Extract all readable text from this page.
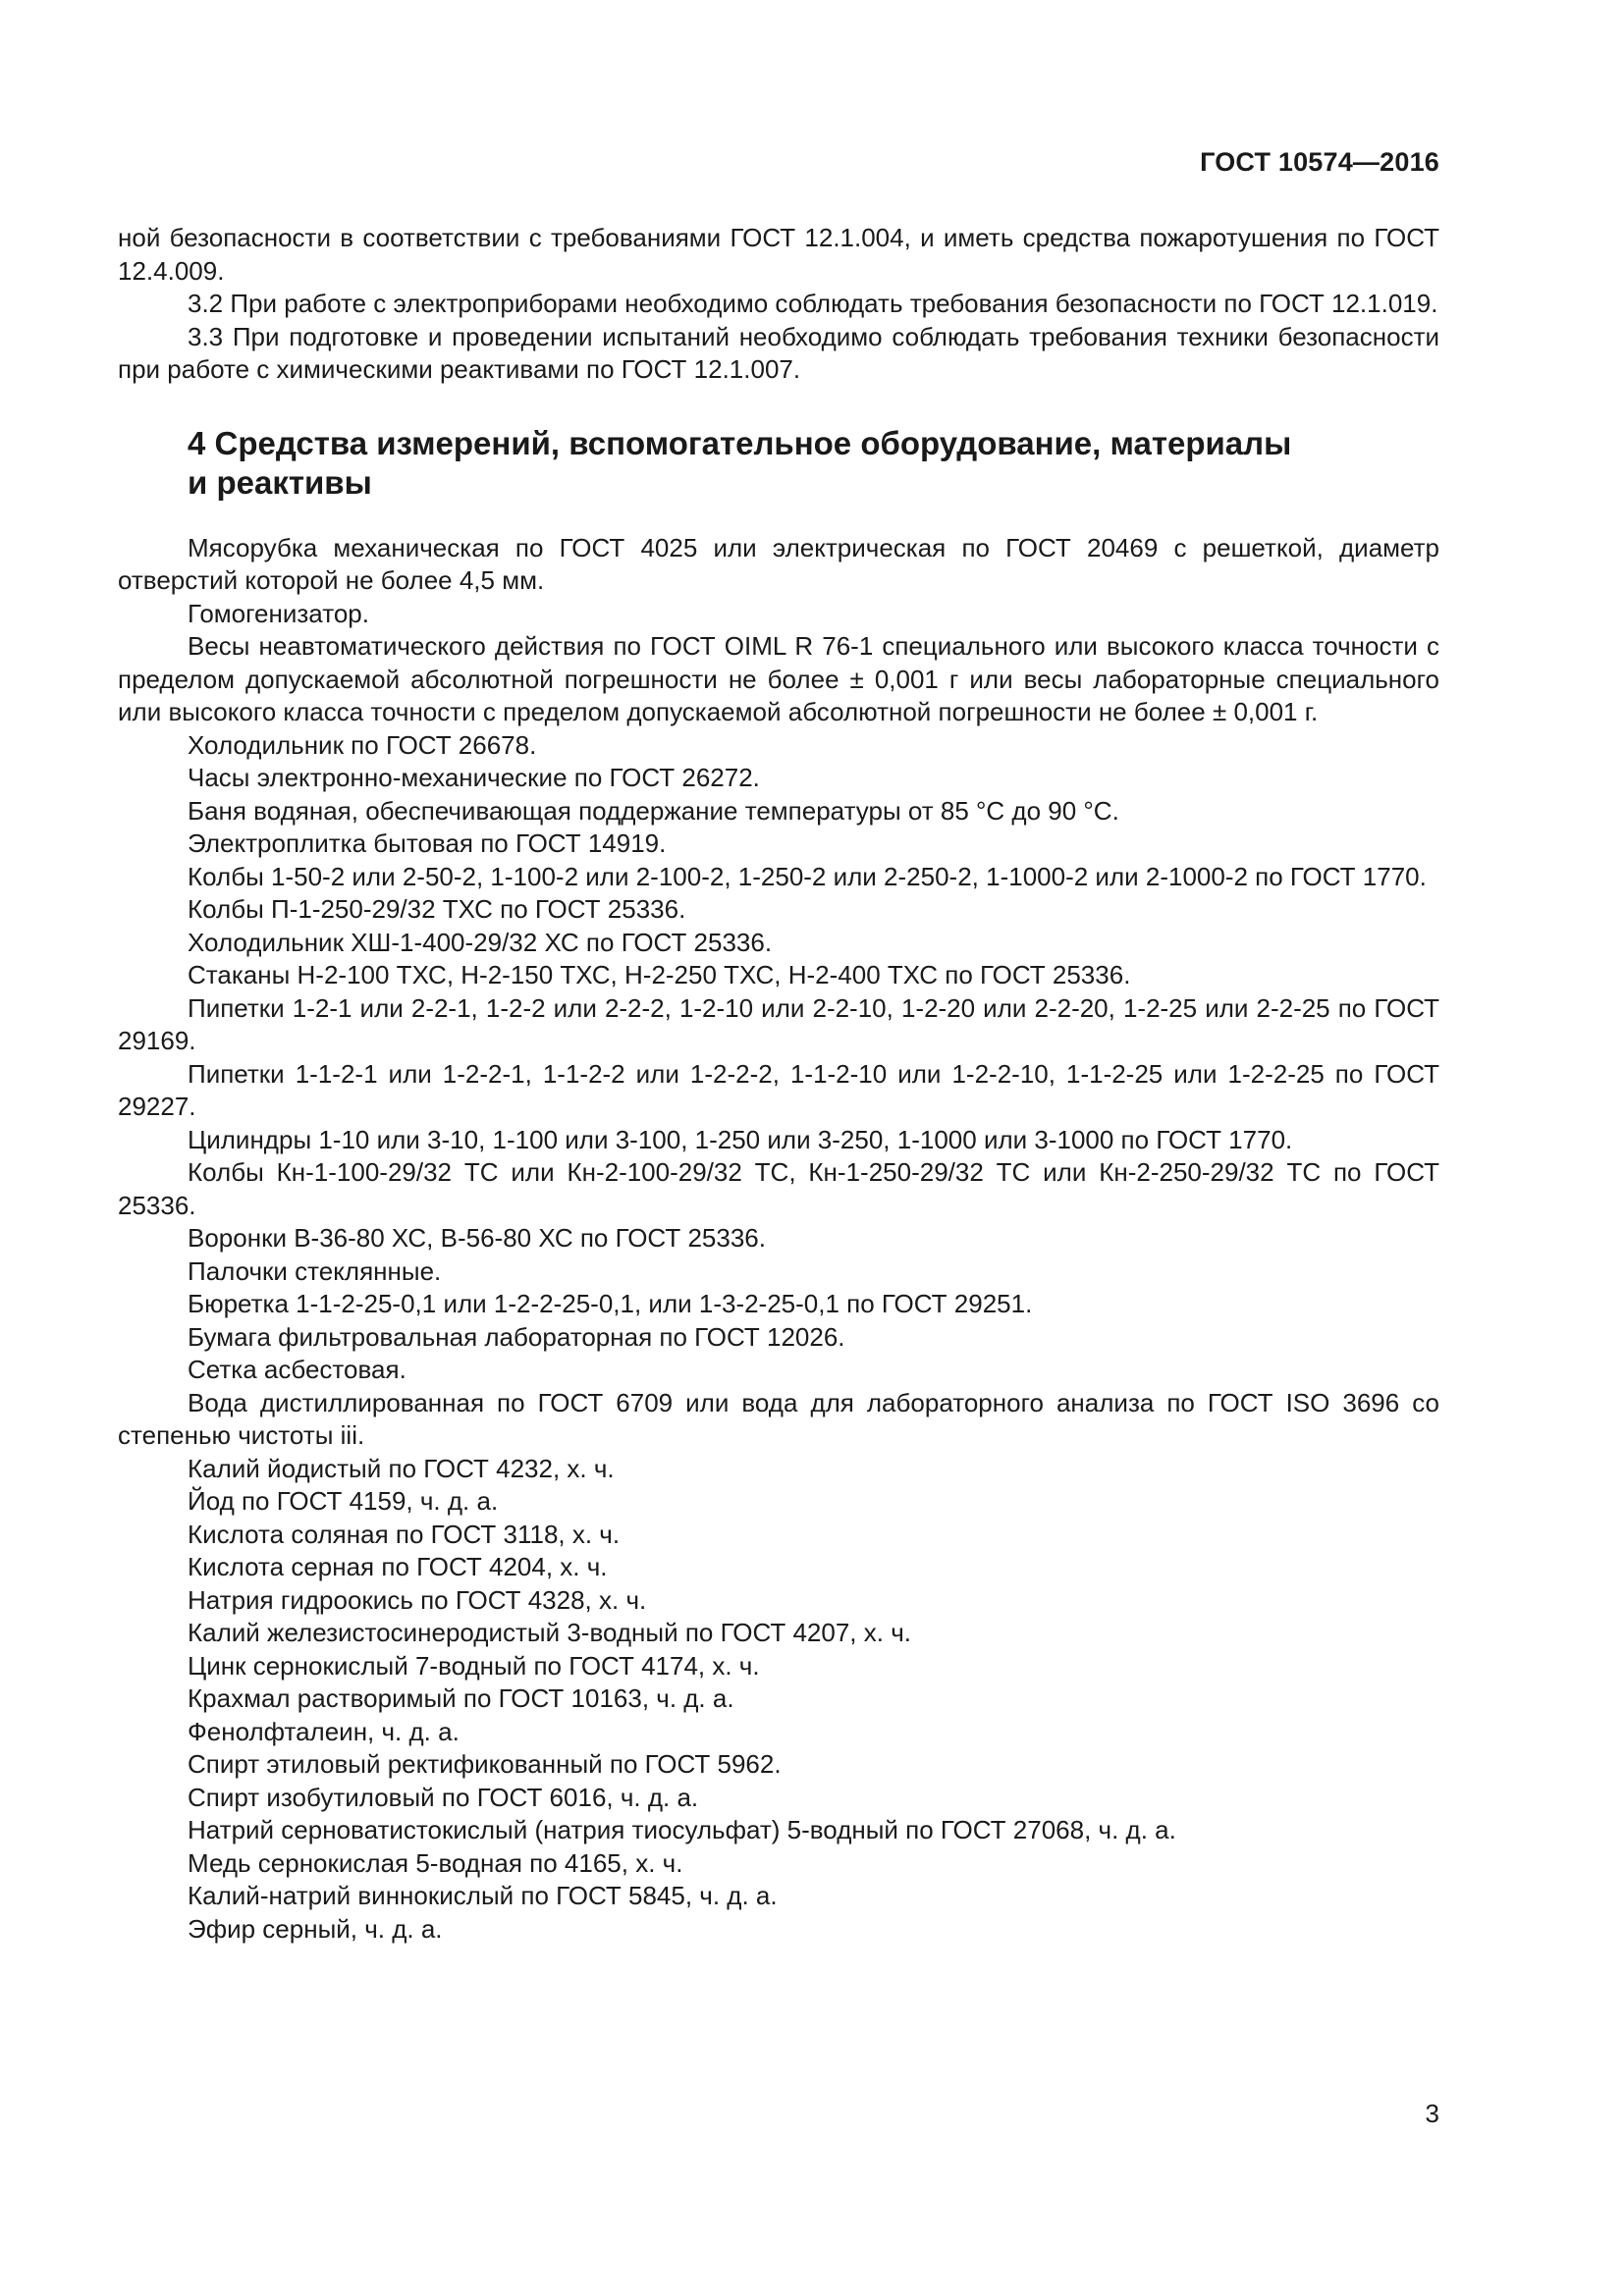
ГОСТ 10574—2016

ной безопасности в соответствии с требованиями ГОСТ 12.1.004, и иметь средства пожаротушения по ГОСТ 12.4.009.

3.2 При работе с электроприборами необходимо соблюдать требования безопасности по ГОСТ 12.1.019.

3.3 При подготовке и проведении испытаний необходимо соблюдать требования техники безопасности при работе с химическими реактивами по ГОСТ 12.1.007.

4 Средства измерений, вспомогательное оборудование, материалы
и реактивы

Мясорубка механическая по ГОСТ 4025 или электрическая по ГОСТ 20469 с решеткой, диаметр отверстий которой не более 4,5 мм.

Гомогенизатор.

Весы неавтоматического действия по ГОСТ OIML R 76-1 специального или высокого класса точности с пределом допускаемой абсолютной погрешности не более ± 0,001 г или весы лабораторные специального или высокого класса точности с пределом допускаемой абсолютной погрешности не более ± 0,001 г.

Холодильник по ГОСТ 26678.

Часы электронно-механические по ГОСТ 26272.

Баня водяная, обеспечивающая поддержание температуры от 85 °С до 90 °С.

Электроплитка бытовая по ГОСТ 14919.

Колбы 1-50-2 или 2-50-2, 1-100-2 или 2-100-2, 1-250-2 или 2-250-2, 1-1000-2 или 2-1000-2 по ГОСТ 1770.

Колбы П-1-250-29/32 ТХС по ГОСТ 25336.

Холодильник ХШ-1-400-29/32 ХС по ГОСТ 25336.

Стаканы Н-2-100 ТХС, Н-2-150 ТХС, Н-2-250 ТХС, Н-2-400 ТХС по ГОСТ 25336.

Пипетки 1-2-1 или 2-2-1, 1-2-2 или 2-2-2, 1-2-10 или 2-2-10, 1-2-20 или 2-2-20, 1-2-25 или 2-2-25 по ГОСТ 29169.

Пипетки 1-1-2-1 или 1-2-2-1, 1-1-2-2 или 1-2-2-2, 1-1-2-10 или 1-2-2-10, 1-1-2-25 или 1-2-2-25 по ГОСТ 29227.

Цилиндры 1-10 или 3-10, 1-100 или 3-100, 1-250 или 3-250, 1-1000 или 3-1000 по ГОСТ 1770.

Колбы Кн-1-100-29/32 ТС или Кн-2-100-29/32 ТС, Кн-1-250-29/32 ТС или Кн-2-250-29/32 ТС по ГОСТ 25336.

Воронки В-36-80 ХС, В-56-80 ХС по ГОСТ 25336.

Палочки стеклянные.

Бюретка 1-1-2-25-0,1 или 1-2-2-25-0,1, или 1-3-2-25-0,1 по ГОСТ 29251.

Бумага фильтровальная лабораторная по ГОСТ 12026.

Сетка асбестовая.

Вода дистиллированная по ГОСТ 6709 или вода для лабораторного анализа по ГОСТ ISO 3696 со степенью чистоты iii.

Калий йодистый по ГОСТ 4232, х. ч.

Йод по ГОСТ 4159, ч. д. а.

Кислота соляная по ГОСТ 3118, х. ч.

Кислота серная по ГОСТ 4204, х. ч.

Натрия гидроокись по ГОСТ 4328, х. ч.

Калий железистосинеродистый 3-водный по ГОСТ 4207, х. ч.

Цинк сернокислый 7-водный по ГОСТ 4174, х. ч.

Крахмал растворимый по ГОСТ 10163, ч. д. а.

Фенолфталеин, ч. д. а.

Спирт этиловый ректификованный по ГОСТ 5962.

Спирт изобутиловый по ГОСТ 6016, ч. д. а.

Натрий серноватистокислый (натрия тиосульфат) 5-водный по ГОСТ 27068, ч. д. а.

Медь сернокислая 5-водная по 4165, х. ч.

Калий-натрий виннокислый по ГОСТ 5845, ч. д. а.

Эфир серный, ч. д. а.

3
